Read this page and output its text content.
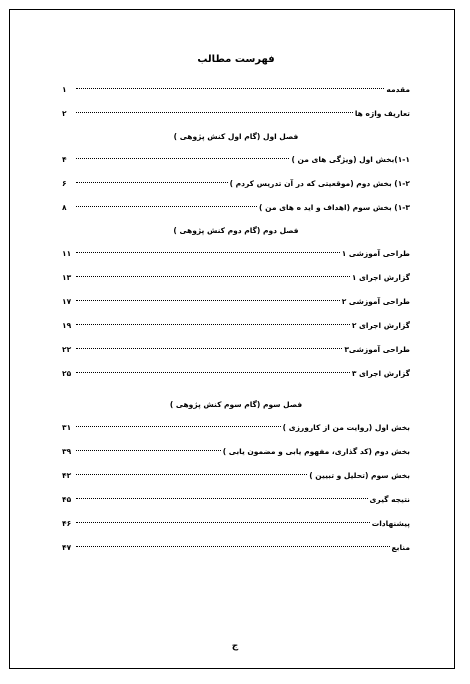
فهرست مطالب
مقدمه
۱
تعاریف واژه ها
۲
فصل اول (گام اول کنش پژوهی )
۱-۱)بخش اول (ویژگی های من )
۴
۱-۲) بخش دوم (موقعیتی که در آن تدریس کردم )
۶
۱-۳) بخش سوم (اهداف و اید ه های من )
۸
فصل دوم (گام دوم کنش پژوهی )
طراحی آموزشی ۱
۱۱
گزارش اجرای ۱
۱۳
طراحی آموزشی ۲
۱۷
گزارش اجرای ۲
۱۹
طراحی آموزشی۳
۲۲
گزارش اجرای ۳
۲۵
فصل سوم (گام سوم کنش پژوهی )
بخش اول (روایت من از کارورزی )
۳۱
بخش دوم (کد گذاری، مفهوم یابی و مضمون یابی )
۳۹
بخش سوم (تحلیل و تبیین )
۴۲
نتیجه گیری
۴۵
پیشنهادات
۴۶
منابع
۴۷
ج
